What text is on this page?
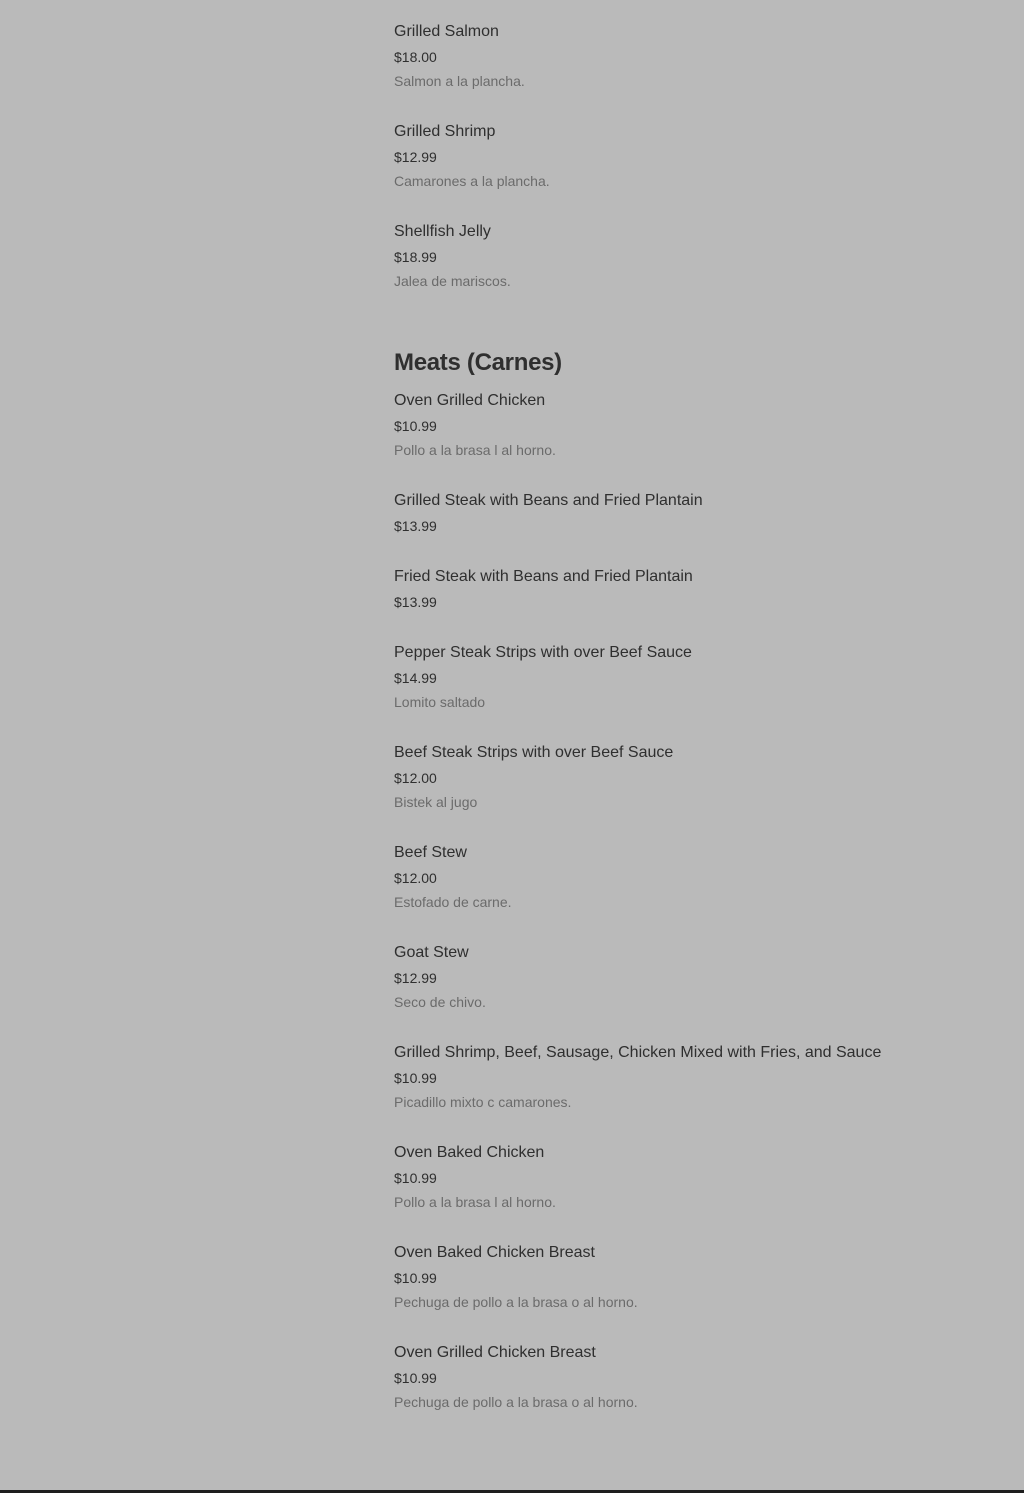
Grilled Salmon
$18.00
Salmon a la plancha.
Grilled Shrimp
$12.99
Camarones a la plancha.
Shellfish Jelly
$18.99
Jalea de mariscos.
Meats (Carnes)
Oven Grilled Chicken
$10.99
Pollo a la brasa l al horno.
Grilled Steak with Beans and Fried Plantain
$13.99
Fried Steak with Beans and Fried Plantain
$13.99
Pepper Steak Strips with over Beef Sauce
$14.99
Lomito saltado
Beef Steak Strips with over Beef Sauce
$12.00
Bistek al jugo
Beef Stew
$12.00
Estofado de carne.
Goat Stew
$12.99
Seco de chivo.
Grilled Shrimp, Beef, Sausage, Chicken Mixed with Fries, and Sauce
$10.99
Picadillo mixto c camarones.
Oven Baked Chicken
$10.99
Pollo a la brasa l al horno.
Oven Baked Chicken Breast
$10.99
Pechuga de pollo a la brasa o al horno.
Oven Grilled Chicken Breast
$10.99
Pechuga de pollo a la brasa o al horno.
